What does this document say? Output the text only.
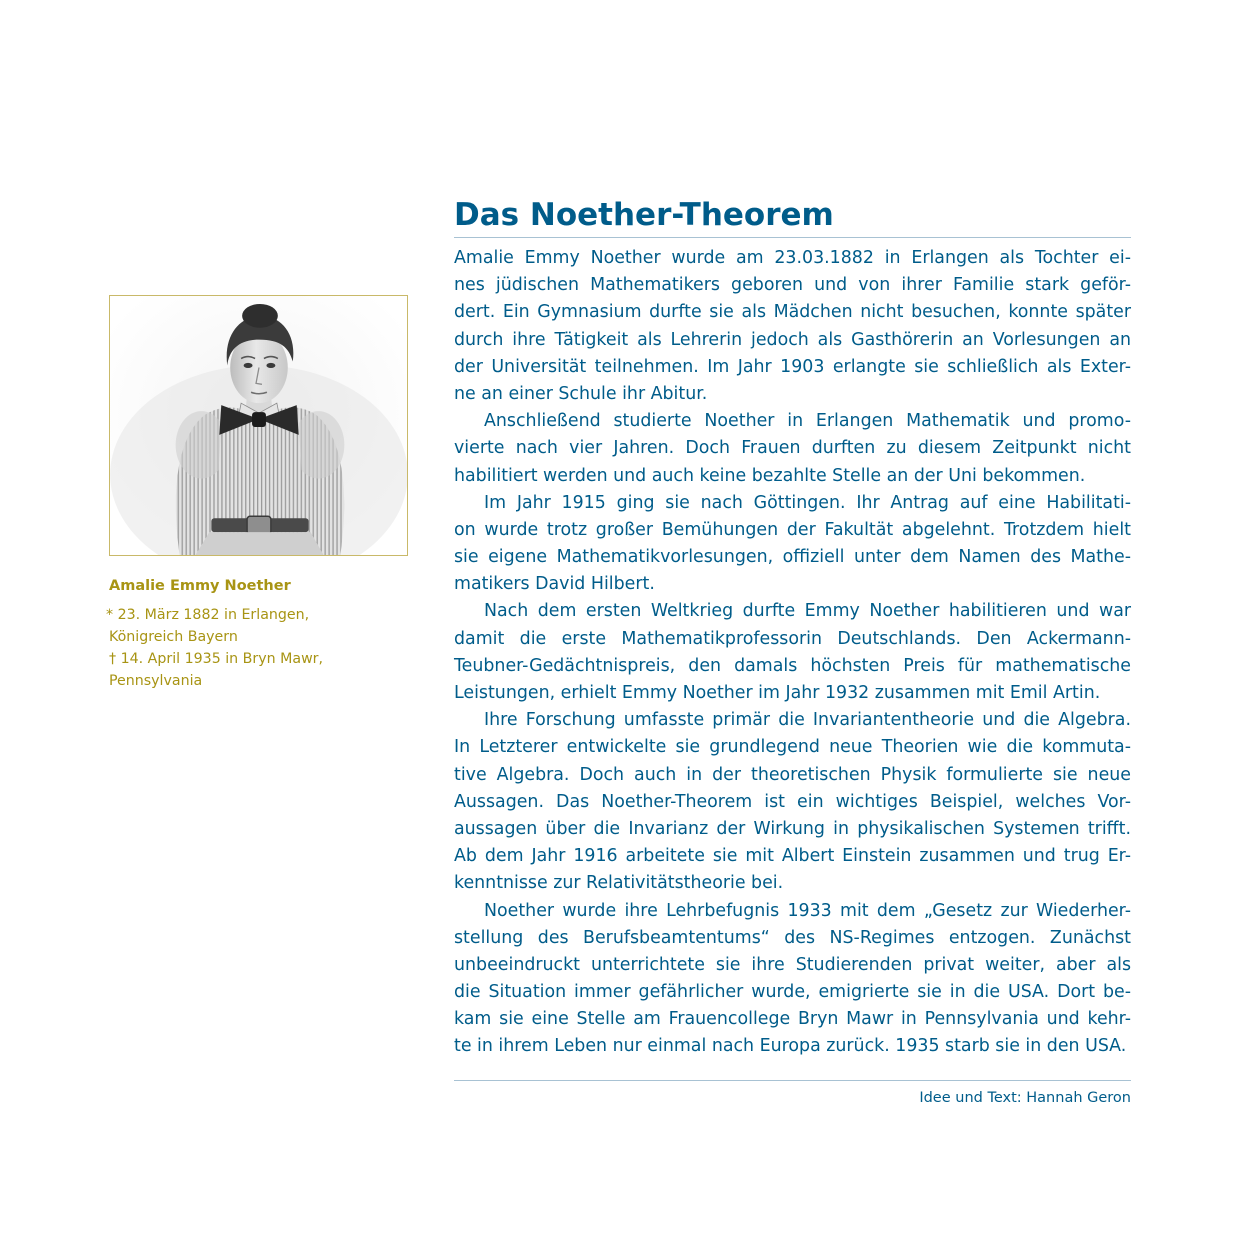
Amalie Emmy Noether
* 23. März 1882 in Erlangen,
Königreich Bayern
† 14. April 1935 in Bryn Mawr,
Pennsylvania
Das Noether-Theorem
Amalie Emmy Noether wurde am 23.03.1882 in Erlangen als Tochter ei-
nes jüdischen Mathematikers geboren und von ihrer Familie stark geför-
dert. Ein Gymnasium durfte sie als Mädchen nicht besuchen, konnte später
durch ihre Tätigkeit als Lehrerin jedoch als Gasthörerin an Vorlesungen an
der Universität teilnehmen. Im Jahr 1903 erlangte sie schließlich als Exter-
ne an einer Schule ihr Abitur.
Anschließend studierte Noether in Erlangen Mathematik und promo-
vierte nach vier Jahren. Doch Frauen durften zu diesem Zeitpunkt nicht
habilitiert werden und auch keine bezahlte Stelle an der Uni bekommen.
Im Jahr 1915 ging sie nach Göttingen. Ihr Antrag auf eine Habilitati-
on wurde trotz großer Bemühungen der Fakultät abgelehnt. Trotzdem hielt
sie eigene Mathematikvorlesungen, offiziell unter dem Namen des Mathe-
matikers David Hilbert.
Nach dem ersten Weltkrieg durfte Emmy Noether habilitieren und war
damit die erste Mathematikprofessorin Deutschlands. Den Ackermann-
Teubner-Gedächtnispreis, den damals höchsten Preis für mathematische
Leistungen, erhielt Emmy Noether im Jahr 1932 zusammen mit Emil Artin.
Ihre Forschung umfasste primär die Invariantentheorie und die Algebra.
In Letzterer entwickelte sie grundlegend neue Theorien wie die kommuta-
tive Algebra. Doch auch in der theoretischen Physik formulierte sie neue
Aussagen. Das Noether-Theorem ist ein wichtiges Beispiel, welches Vor-
aussagen über die Invarianz der Wirkung in physikalischen Systemen trifft.
Ab dem Jahr 1916 arbeitete sie mit Albert Einstein zusammen und trug Er-
kenntnisse zur Relativitätstheorie bei.
Noether wurde ihre Lehrbefugnis 1933 mit dem „Gesetz zur Wiederher-
stellung des Berufsbeamtentums“ des NS-Regimes entzogen. Zunächst
unbeeindruckt unterrichtete sie ihre Studierenden privat weiter, aber als
die Situation immer gefährlicher wurde, emigrierte sie in die USA. Dort be-
kam sie eine Stelle am Frauencollege Bryn Mawr in Pennsylvania und kehr-
te in ihrem Leben nur einmal nach Europa zurück. 1935 starb sie in den USA.
Idee und Text: Hannah Geron
